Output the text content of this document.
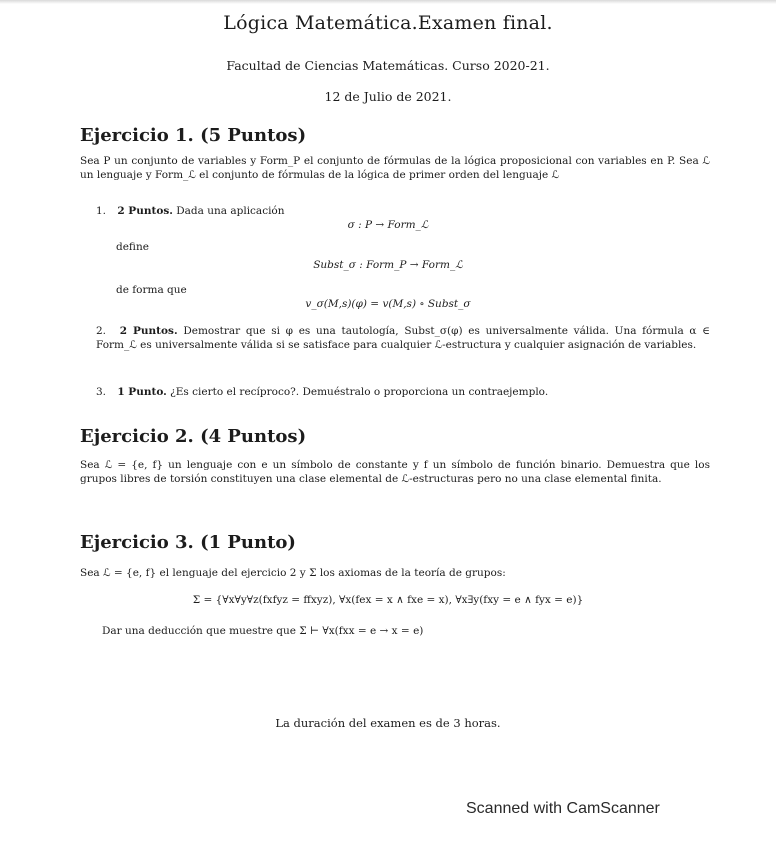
Lógica Matemática.Examen final.
Facultad de Ciencias Matemáticas. Curso 2020-21.
12 de Julio de 2021.
Ejercicio 1. (5 Puntos)
Sea P un conjunto de variables y Form_P el conjunto de fórmulas de la lógica proposicional con variables en P. Sea ℒ un lenguaje y Form_ℒ el conjunto de fórmulas de la lógica de primer orden del lenguaje ℒ
1. 2 Puntos. Dada una aplicación
σ : P → Form_ℒ
define
Subst_σ : Form_P → Form_ℒ
de forma que
v_σ(M,s)(φ) = v(M,s) ∘ Subst_σ
2. 2 Puntos. Demostrar que si φ es una tautología, Subst_σ(φ) es universalmente válida. Una fórmula α ∈ Form_ℒ es universalmente válida si se satisface para cualquier ℒ-estructura y cualquier asignación de variables.
3. 1 Punto. ¿Es cierto el recíproco?. Demuéstralo o proporciona un contraejemplo.
Ejercicio 2. (4 Puntos)
Sea ℒ = {e, f} un lenguaje con e un símbolo de constante y f un símbolo de función binario. Demuestra que los grupos libres de torsión constituyen una clase elemental de ℒ-estructuras pero no una clase elemental finita.
Ejercicio 3. (1 Punto)
Sea ℒ = {e, f} el lenguaje del ejercicio 2 y Σ los axiomas de la teoría de grupos:
Σ = {∀x∀y∀z(fxfyz = ffxyz), ∀x(fex = x ∧ fxe = x), ∀x∃y(fxy = e ∧ fyx = e)}
Dar una deducción que muestre que Σ ⊢ ∀x(fxx = e → x = e)
La duración del examen es de 3 horas.
Scanned with CamScanner
